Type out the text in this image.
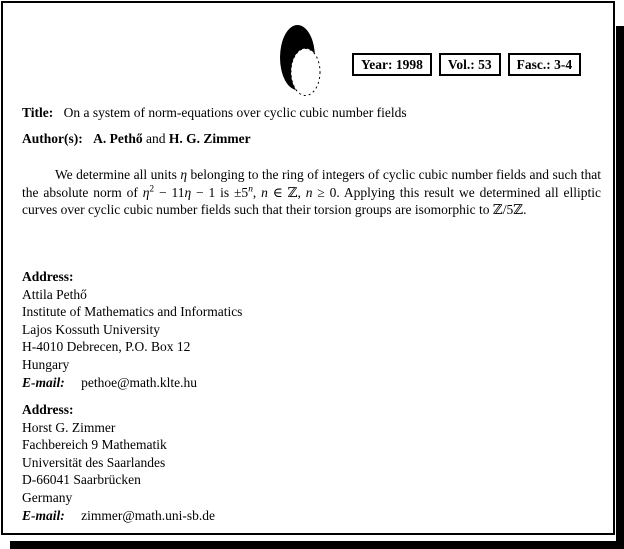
Year: 1998	Vol.: 53	Fasc.: 3-4
Title: On a system of norm-equations over cyclic cubic number fields
Author(s): A. Pethő and H. G. Zimmer
We determine all units η belonging to the ring of integers of cyclic cubic number fields and such that the absolute norm of $\eta^2 - 11\eta - 1$ is $\pm 5^n$, n ∈ ℤ, n ≥ 0. Applying this result we determined all elliptic curves over cyclic cubic number fields such that their torsion groups are isomorphic to ℤ/5ℤ.
Address:
Attila Pethő
Institute of Mathematics and Informatics
Lajos Kossuth University
H-4010 Debrecen, P.O. Box 12
Hungary
E-mail: pethoe@math.klte.hu
Address:
Horst G. Zimmer
Fachbereich 9 Mathematik
Universität des Saarlandes
D-66041 Saarbrücken
Germany
E-mail: zimmer@math.uni-sb.de
